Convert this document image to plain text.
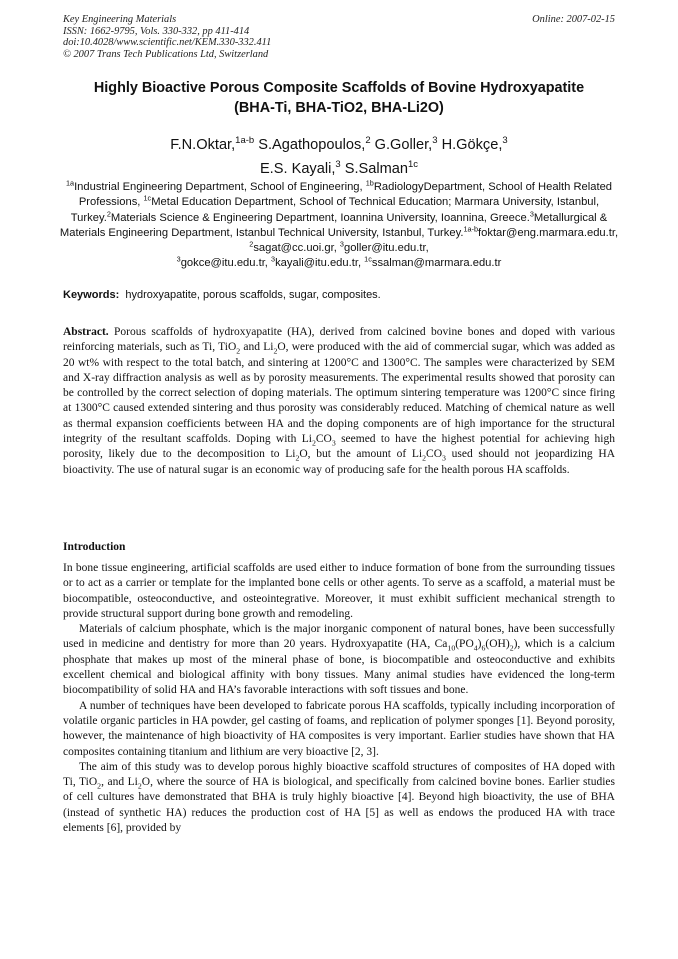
Key Engineering Materials
ISSN: 1662-9795, Vols. 330-332, pp 411-414
doi:10.4028/www.scientific.net/KEM.330-332.411
© 2007 Trans Tech Publications Ltd, Switzerland
Online: 2007-02-15
Highly Bioactive Porous Composite Scaffolds of Bovine Hydroxyapatite
(BHA-Ti, BHA-TiO2, BHA-Li2O)
F.N.Oktar,$^{1a-b}$ S.Agathopoulos,$^2$ G.Goller,$^3$ H.Gökçe,$^3$
E.S. Kayali,$^3$ S.Salman$^{1c}$
$^{1a}$Industrial Engineering Department, School of Engineering, $^{1b}$RadiologyDepartment, School of Health Related Professions, $^{1c}$Metal Education Department, School of Technical Education; Marmara University, Istanbul, Turkey.$^2$Materials Science & Engineering Department, Ioannina University, Ioannina, Greece.$^3$Metallurgical & Materials Engineering Department, Istanbul Technical University, Istanbul, Turkey.$^{1a-b}$foktar@eng.marmara.edu.tr, $^2$sagat@cc.uoi.gr, $^3$goller@itu.edu.tr,
$^3$gokce@itu.edu.tr, $^3$kayali@itu.edu.tr, $^{1c}$ssalman@marmara.edu.tr
Keywords:  hydroxyapatite, porous scaffolds, sugar, composites.
Abstract. Porous scaffolds of hydroxyapatite (HA), derived from calcined bovine bones and doped with various reinforcing materials, such as Ti, TiO$_2$ and $Li_2O$, were produced with the aid of commercial sugar, which was added as 20 wt% with respect to the total batch, and sintering at 1200°C and 1300°C. The samples were characterized by SEM and X-ray diffraction analysis as well as by porosity measurements. The experimental results showed that porosity can be controlled by the correct selection of doping materials. The optimum sintering temperature was 1200°C since firing at 1300°C caused extended sintering and thus porosity was considerably reduced. Matching of chemical nature as well as thermal expansion coefficients between HA and the doping components are of high importance for the structural integrity of the resultant scaffolds. Doping with $Li_2CO_3$ seemed to have the highest potential for achieving high porosity, likely due to the decomposition to $Li_2O$, but the amount of $Li_2CO_3$ used should not jeopardizing HA bioactivity. The use of natural sugar is an economic way of producing safe for the health porous HA scaffolds.
Introduction

In bone tissue engineering, artificial scaffolds are used either to induce formation of bone from the surrounding tissues or to act as a carrier or template for the implanted bone cells or other agents. To serve as a scaffold, a material must be biocompatible, osteoconductive, and osteointegrative. Moreover, it must exhibit sufficient mechanical strength to provide structural support during bone growth and remodeling.

Materials of calcium phosphate, which is the major inorganic component of natural bones, have been successfully used in medicine and dentistry for more than 20 years. Hydroxyapatite (HA, $Ca_{10}(PO_4)_6(OH)_2$), which is a calcium phosphate that makes up most of the mineral phase of bone, is biocompatible and osteoconductive and exhibits excellent chemical and biological affinity with bony tissues. Many animal studies have evidenced the long-term biocompatibility of solid HA and HA’s favorable interactions with soft tissues and bone.

A number of techniques have been developed to fabricate porous HA scaffolds, typically including incorporation of volatile organic particles in HA powder, gel casting of foams, and replication of polymer sponges [1]. Beyond porosity, however, the maintenance of high bioactivity of HA composites is very important. Earlier studies have shown that HA composites containing titanium and lithium are very bioactive [2, 3].

The aim of this study was to develop porous highly bioactive scaffold structures of composites of HA doped with Ti, TiO$_2$, and $Li_2O$, where the source of HA is biological, and specifically from calcined bovine bones. Earlier studies of cell cultures have demonstrated that BHA is truly highly bioactive [4]. Beyond high bioactivity, the use of BHA (instead of synthetic HA) reduces the production cost of HA [5] as well as endows the produced HA with trace elements [6], provided by
